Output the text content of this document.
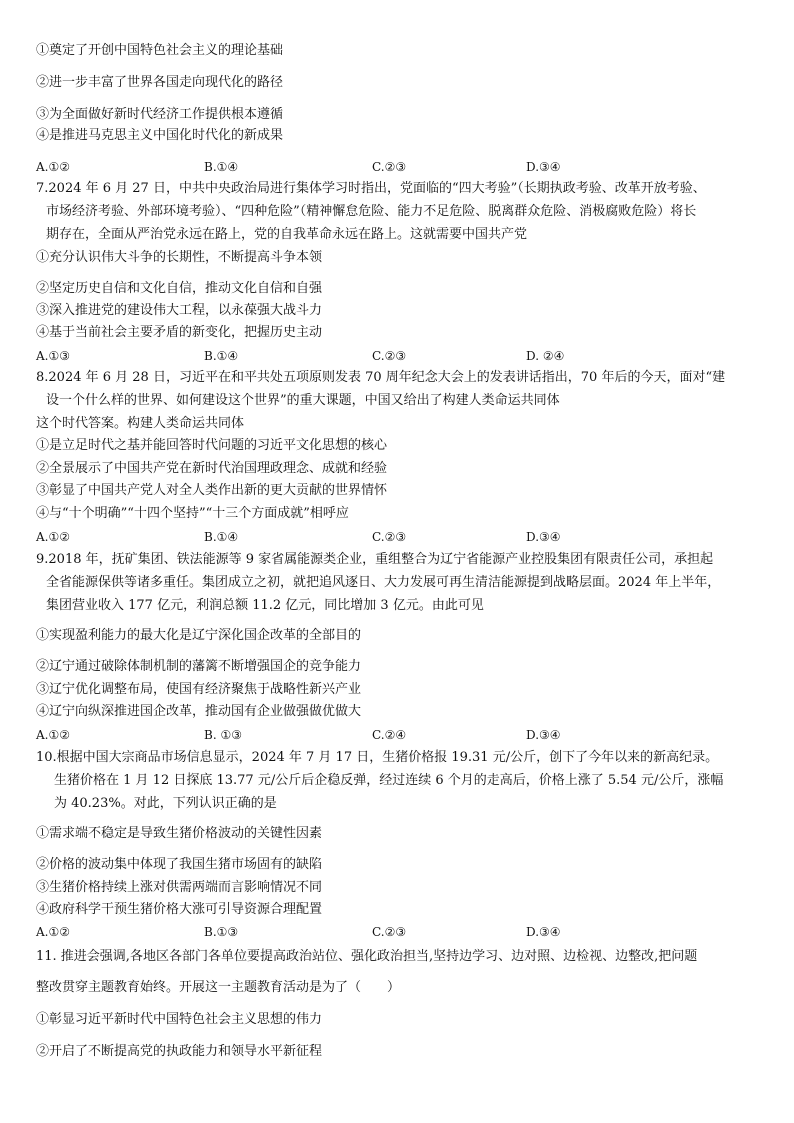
①奠定了开创中国特色社会主义的理论基础
②进一步丰富了世界各国走向现代化的路径
③为全面做好新时代经济工作提供根本遵循
④是推进马克思主义中国化时代化的新成果
A.①②	B.①④	C.②③	D.③④
7.2024 年 6 月 27 日，中共中央政治局进行集体学习时指出，党面临的“四大考验”（长期执政考验、改革开放考验、
市场经济考验、外部环境考验）、“四种危险”（精神懈怠危险、能力不足危险、脱离群众危险、消极腐败危险）将长
期存在，全面从严治党永远在路上，党的自我革命永远在路上。这就需要中国共产党
①充分认识伟大斗争的长期性，不断提高斗争本领
②坚定历史自信和文化自信，推动文化自信和自强
③深入推进党的建设伟大工程，以永葆强大战斗力
④基于当前社会主要矛盾的新变化，把握历史主动
A.①③	B.①④	C.②③	D. ②④
8.2024 年 6 月 28 日，习近平在和平共处五项原则发表 70 周年纪念大会上的发表讲话指出，70 年后的今天，面对“建
设一个什么样的世界、如何建设这个世界”的重大课题，中国又给出了构建人类命运共同体
这个时代答案。构建人类命运共同体
①是立足时代之基并能回答时代问题的习近平文化思想的核心
②全景展示了中国共产党在新时代治国理政理念、成就和经验
③彰显了中国共产党人对全人类作出新的更大贡献的世界情怀
④与“十个明确”“十四个坚持”“十三个方面成就”相呼应
A.①②	B.①④	C.②③	D.③④
9.2018 年，抚矿集团、铁法能源等 9 家省属能源类企业，重组整合为辽宁省能源产业控股集团有限责任公司，承担起
全省能源保供等诸多重任。集团成立之初，就把追风逐日、大力发展可再生清洁能源提到战略层面。2024 年上半年，
集团营业收入 177 亿元，利润总额 11.2 亿元，同比增加 3 亿元。由此可见
①实现盈利能力的最大化是辽宁深化国企改革的全部目的
②辽宁通过破除体制机制的藩篱不断增强国企的竞争能力
③辽宁优化调整布局，使国有经济聚焦于战略性新兴产业
④辽宁向纵深推进国企改革，推动国有企业做强做优做大
A.①②	B. ①③	C.②④	D.③④
10.根据中国大宗商品市场信息显示，2024 年 7 月 17 日，生猪价格报 19.31 元/公斤，创下了今年以来的新高纪录。
生猪价格在 1 月 12 日探底 13.77 元/公斤后企稳反弹，经过连续 6 个月的走高后，价格上涨了 5.54 元/公斤，涨幅
为 40.23%。对此，下列认识正确的是
①需求端不稳定是导致生猪价格波动的关键性因素
②价格的波动集中体现了我国生猪市场固有的缺陷
③生猪价格持续上涨对供需两端而言影响情况不同
④政府科学干预生猪价格大涨可引导资源合理配置
A.①②	B.①③	C.②③	D.③④
11. 推进会强调,各地区各部门各单位要提高政治站位、强化政治担当,坚持边学习、边对照、边检视、边整改,把问题
整改贯穿主题教育始终。开展这一主题教育活动是为了（　　）
①彰显习近平新时代中国特色社会主义思想的伟力
②开启了不断提高党的执政能力和领导水平新征程
